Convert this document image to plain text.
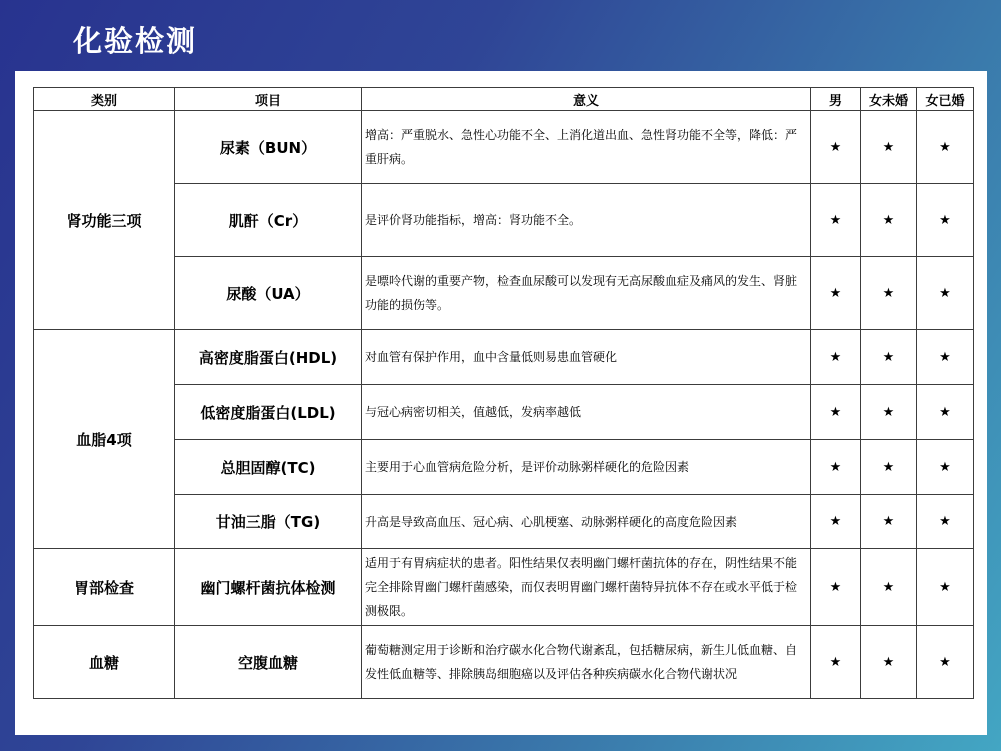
化验检测
类别	项目	意义	男	女未婚	女已婚
肾功能三项	尿素（BUN）	增高：严重脱水、急性心功能不全、上消化道出血、急性肾功能不全等，降低：严重肝病。	★	★	★
	肌酐（Cr）	是评价肾功能指标，增高：肾功能不全。	★	★	★
	尿酸（UA）	是嘌呤代谢的重要产物，检查血尿酸可以发现有无高尿酸血症及痛风的发生、肾脏功能的损伤等。	★	★	★
血脂4项	高密度脂蛋白(HDL)	对血管有保护作用，血中含量低则易患血管硬化	★	★	★
	低密度脂蛋白(LDL)	与冠心病密切相关，值越低，发病率越低	★	★	★
	总胆固醇(TC)	主要用于心血管病危险分析，是评价动脉粥样硬化的危险因素	★	★	★
	甘油三脂（TG)	升高是导致高血压、冠心病、心肌梗塞、动脉粥样硬化的高度危险因素	★	★	★
胃部检查	幽门螺杆菌抗体检测	适用于有胃病症状的患者。阳性结果仅表明幽门螺杆菌抗体的存在，阴性结果不能完全排除胃幽门螺杆菌感染，而仅表明胃幽门螺杆菌特异抗体不存在或水平低于检测极限。	★	★	★
血糖	空腹血糖	葡萄糖测定用于诊断和治疗碳水化合物代谢紊乱，包括糖尿病，新生儿低血糖、自发性低血糖等、排除胰岛细胞癌以及评估各种疾病碳水化合物代谢状况	★	★	★
